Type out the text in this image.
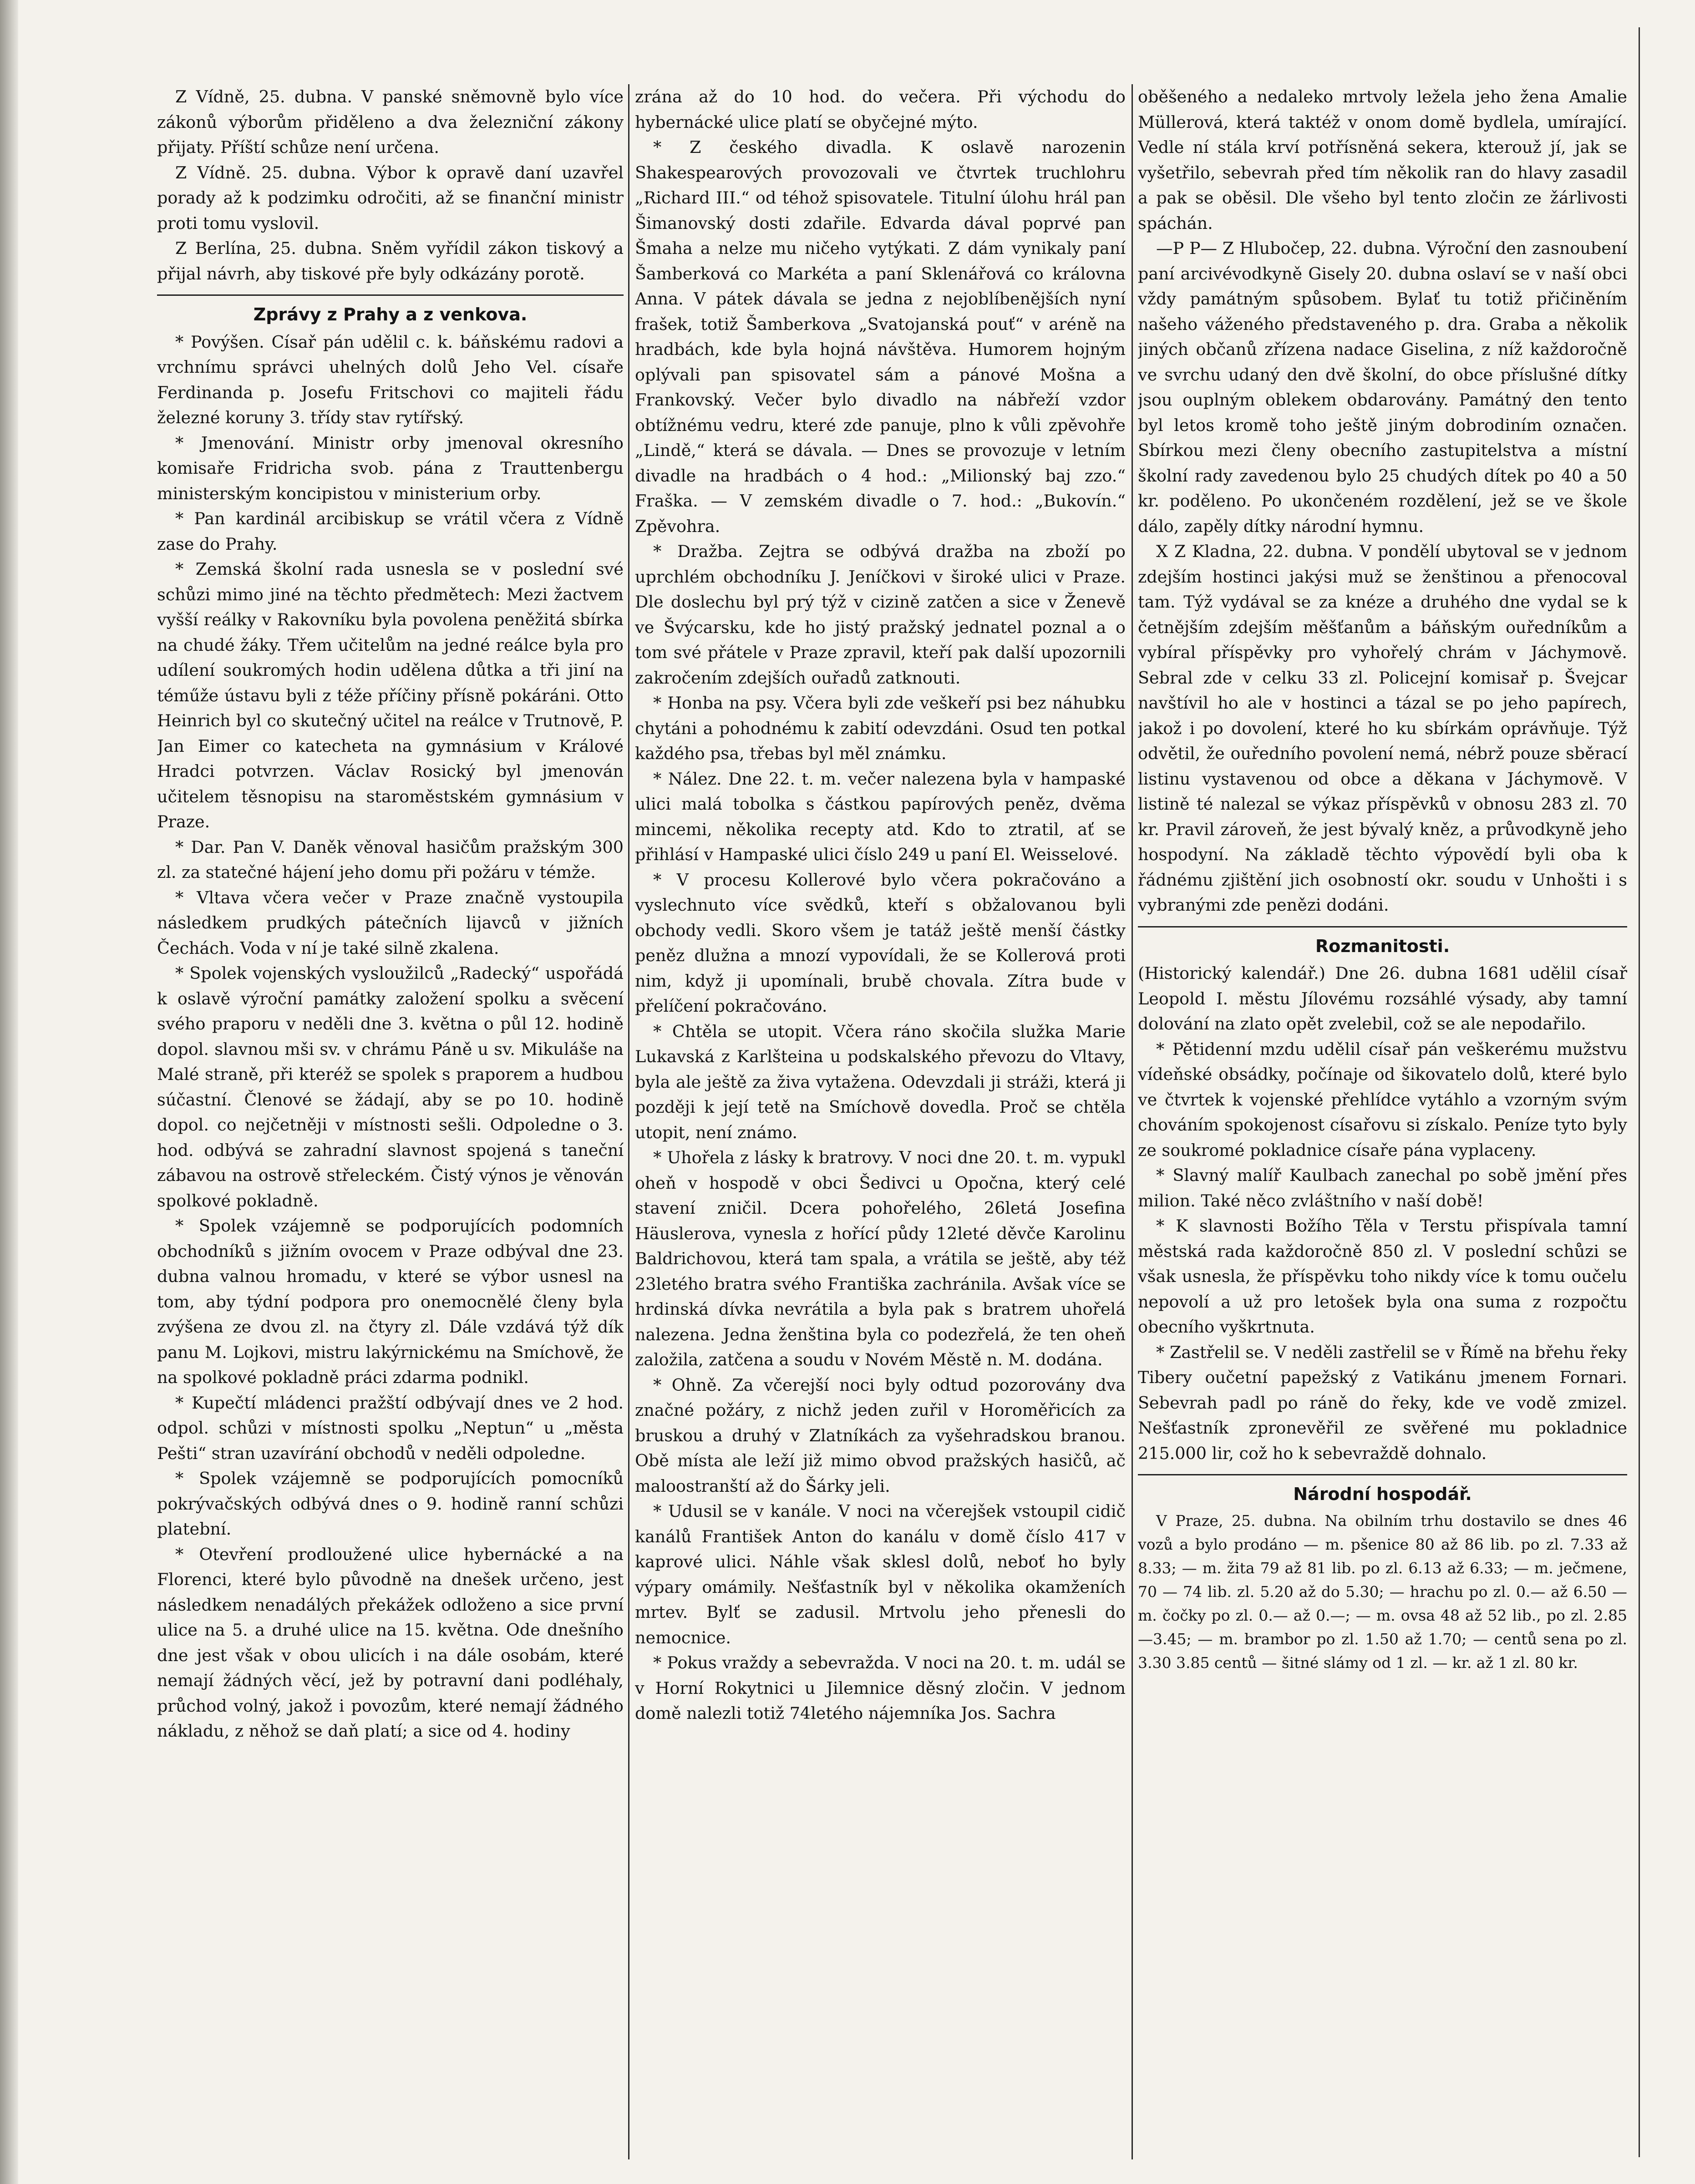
Z Vídně, 25. dubna. V panské sněmovně bylo více zákonů výborům přiděleno a dva železniční zákony přijaty. Příští schůze není určena.

Z Vídně. 25. dubna. Výbor k opravě daní uzavřel porady až k podzimku odročiti, až se finanční ministr proti tomu vyslovil.

Z Berlína, 25. dubna. Sněm vyřídil zákon tiskový a přijal návrh, aby tiskové pře byly odkázány porotě.

Zprávy z Prahy a z venkova.

* Povýšen. Císař pán udělil c. k. báňskému radovi a vrchnímu správci uhelných dolů Jeho Vel. císaře Ferdinanda p. Josefu Fritschovi co majiteli řádu železné koruny 3. třídy stav rytířský.

* Jmenování. Ministr orby jmenoval okresního komisaře Fridricha svob. pána z Trauttenbergu ministerským koncipistou v ministerium orby.

* Pan kardinál arcibiskup se vrátil včera z Vídně zase do Prahy.

* Zemská školní rada usnesla se v poslední své schůzi mimo jiné na těchto předmětech: Mezi žactvem vyšší reálky v Rakovníku byla povolena peněžitá sbírka na chudé žáky. Třem učitelům na jedné reálce byla pro udílení soukromých hodin udělena důtka a tři jiní na téműže ústavu byli z téže příčiny přísně pokáráni. Otto Heinrich byl co skutečný učitel na reálce v Trutnově, P. Jan Eimer co katecheta na gymnásium v Králové Hradci potvrzen. Václav Rosický byl jmenován učitelem těsnopisu na staroměstském gymnásium v Praze.

* Dar. Pan V. Daněk věnoval hasičům pražským 300 zl. za statečné hájení jeho domu při požáru v témže.

* Vltava včera večer v Praze značně vystoupila následkem prudkých pátečních lijavců v jižních Čechách. Voda v ní je také silně zkalena.

* Spolek vojenských vysloužilců „Radecký“ uspořádá k oslavě výroční památky založení spolku a svěcení svého praporu v neděli dne 3. května o půl 12. hodině dopol. slavnou mši sv. v chrámu Páně u sv. Mikuláše na Malé straně, při kteréž se spolek s praporem a hudbou súčastní. Členové se žádají, aby se po 10. hodině dopol. co nejčetněji v místnosti sešli. Odpoledne o 3. hod. odbývá se zahradní slavnost spojená s taneční zábavou na ostrově střeleckém. Čistý výnos je věnován spolkové pokladně.

* Spolek vzájemně se podporujících podomních obchodníků s jižním ovocem v Praze odbýval dne 23. dubna valnou hromadu, v které se výbor usnesl na tom, aby týdní podpora pro onemocnělé členy byla zvýšena ze dvou zl. na čtyry zl. Dále vzdává týž dík panu M. Lojkovi, mistru lakýrnickému na Smíchově, že na spolkové pokladně práci zdarma podnikl.

* Kupečtí mládenci pražští odbývají dnes ve 2 hod. odpol. schůzi v místnosti spolku „Neptun“ u „města Pešti“ stran uzavírání obchodů v neděli odpoledne.

* Spolek vzájemně se podporujících pomocníků pokrývačských odbývá dnes o 9. hodině ranní schůzi platební.

* Otevření prodloužené ulice hybernácké a na Florenci, které bylo původně na dnešek určeno, jest následkem nenadálých překážek odloženo a sice první ulice na 5. a druhé ulice na 15. května. Ode dnešního dne jest však v obou ulicích i na dále osobám, které nemají žádných věcí, jež by potravní dani podléhaly, průchod volný, jakož i povozům, které nemají žádného nákladu, z něhož se daň platí; a sice od 4. hodiny

zrána až do 10 hod. do večera. Při východu do hybernácké ulice platí se obyčejné mýto.

* Z českého divadla. K oslavě narozenin Shakespearových provozovali ve čtvrtek truchlohru „Richard III.“ od téhož spisovatele. Titulní úlohu hrál pan Šimanovský dosti zdařile. Edvarda dával poprvé pan Šmaha a nelze mu ničeho vytýkati. Z dám vynikaly paní Šamberková co Markéta a paní Sklenářová co královna Anna. V pátek dávala se jedna z nejoblíbenějších nyní frašek, totiž Šamberkova „Svatojanská pouť“ v aréně na hradbách, kde byla hojná návštěva. Humorem hojným oplývali pan spisovatel sám a pánové Mošna a Frankovský. Večer bylo divadlo na nábřeží vzdor obtížnému vedru, které zde panuje, plno k vůli zpěvohře „Lindě,“ která se dávala. — Dnes se provozuje v letním divadle na hradbách o 4 hod.: „Milionský baj zzo.“ Fraška. — V zemském divadle o 7. hod.: „Bukovín.“ Zpěvohra.

* Dražba. Zejtra se odbývá dražba na zboží po uprchlém obchodníku J. Jeníčkovi v široké ulici v Praze. Dle doslechu byl prý týž v cizině zatčen a sice v Ženevě ve Švýcarsku, kde ho jistý pražský jednatel poznal a o tom své přátele v Praze zpravil, kteří pak další upozornili zakročením zdejších ouřadů zatknouti.

* Honba na psy. Včera byli zde veškeří psi bez náhubku chytáni a pohodnému k zabití odevzdáni. Osud ten potkal každého psa, třebas byl měl známku.

* Nález. Dne 22. t. m. večer nalezena byla v hampaské ulici malá tobolka s částkou papírových peněz, dvěma mincemi, několika recepty atd. Kdo to ztratil, ať se přihlásí v Hampaské ulici číslo 249 u paní El. Weisselové.

* V procesu Kollerové bylo včera pokračováno a vyslechnuto více svědků, kteří s obžalovanou byli obchody vedli. Skoro všem je tatáž ještě menší částky peněz dlužna a mnozí vypovídali, že se Kollerová proti nim, když ji upomínali, brubě chovala. Zítra bude v přelíčení pokračováno.

* Chtěla se utopit. Včera ráno skočila služka Marie Lukavská z Karlšteina u podskalského převozu do Vltavy, byla ale ještě za živa vytažena. Odevzdali ji stráži, která ji později k její tetě na Smíchově dovedla. Proč se chtěla utopit, není známo.

* Uhořela z lásky k bratrovy. V noci dne 20. t. m. vypukl oheň v hospodě v obci Šedivci u Opočna, který celé stavení zničil. Dcera pohořelého, 26letá Josefina Häuslerova, vynesla z hořící půdy 12leté děvče Karolinu Baldrichovou, která tam spala, a vrátila se ještě, aby též 23letého bratra svého Františka zachránila. Avšak více se hrdinská dívka nevrátila a byla pak s bratrem uhořelá nalezena. Jedna ženština byla co podezřelá, že ten oheň založila, zatčena a soudu v Novém Městě n. M. dodána.

* Ohně. Za včerejší noci byly odtud pozorovány dva značné požáry, z nichž jeden zuřil v Horoměřicích za bruskou a druhý v Zlatníkách za vyšehradskou branou. Obě místa ale leží již mimo obvod pražských hasičů, ač maloostranští až do Šárky jeli.

* Udusil se v kanále. V noci na včerejšek vstoupil cidič kanálů František Anton do kanálu v domě číslo 417 v kaprové ulici. Náhle však sklesl dolů, neboť ho byly výpary omámily. Nešťastník byl v několika okamženích mrtev. Bylť se zadusil. Mrtvolu jeho přenesli do nemocnice.

* Pokus vraždy a sebevražda. V noci na 20. t. m. udál se v Horní Rokytnici u Jilemnice děsný zločin. V jednom domě nalezli totiž 74letého nájemníka Jos. Sachra

oběšeného a nedaleko mrtvoly ležela jeho žena Amalie Müllerová, která taktéž v onom domě bydlela, umírající. Vedle ní stála krví potřísněná sekera, kterouž jí, jak se vyšetřilo, sebevrah před tím několik ran do hlavy zasadil a pak se oběsil. Dle všeho byl tento zločin ze žárlivosti spáchán.

—P P— Z Hlubočep, 22. dubna. Výroční den zasnoubení paní arcivévodkyně Gisely 20. dubna oslaví se v naší obci vždy památným spůsobem. Bylať tu totiž přičiněním našeho váženého představeného p. dra. Graba a několik jiných občanů zřízena nadace Giselina, z níž každoročně ve svrchu udaný den dvě školní, do obce příslušné dítky jsou ouplným oblekem obdarovány. Památný den tento byl letos kromě toho ještě jiným dobrodiním označen. Sbírkou mezi členy obecního zastupitelstva a místní školní rady zavedenou bylo 25 chudých dítek po 40 a 50 kr. poděleno. Po ukončeném rozdělení, jež se ve škole dálo, zapěly dítky národní hymnu.

X Z Kladna, 22. dubna. V pondělí ubytoval se v jednom zdejším hostinci jakýsi muž se ženštinou a přenocoval tam. Týž vydával se za knéze a druhého dne vydal se k četnějším zdejším měšťanům a báňským ouředníkům a vybíral příspěvky pro vyhořelý chrám v Jáchymově. Sebral zde v celku 33 zl. Policejní komisař p. Švejcar navštívil ho ale v hostinci a tázal se po jeho papírech, jakož i po dovolení, které ho ku sbírkám oprávňuje. Týž odvětil, že ouředního povolení nemá, nébrž pouze sběrací listinu vystavenou od obce a děkana v Jáchymově. V listině té nalezal se výkaz příspěvků v obnosu 283 zl. 70 kr. Pravil zároveň, že jest bývalý kněz, a průvodkyně jeho hospodyní. Na základě těchto výpovědí byli oba k řádnému zjištění jich osobností okr. soudu v Unhošti i s vybranými zde penězi dodáni.

Rozmanitosti.

(Historický kalendář.) Dne 26. dubna 1681 udělil císař Leopold I. městu Jílovému rozsáhlé výsady, aby tamní dolování na zlato opět zvelebil, což se ale nepodařilo.

* Pětidenní mzdu udělil císař pán veškerému mužstvu vídeňské obsádky, počínaje od šikovatelo dolů, které bylo ve čtvrtek k vojenské přehlídce vytáhlo a vzorným svým chováním spokojenost císařovu si získalo. Peníze tyto byly ze soukromé pokladnice císaře pána vyplaceny.

* Slavný malíř Kaulbach zanechal po sobě jmění přes milion. Také něco zvláštního v naší době!

* K slavnosti Božího Těla v Terstu přispívala tamní městská rada každoročně 850 zl. V poslední schůzi se však usnesla, že příspěvku toho nikdy více k tomu oučelu nepovolí a už pro letošek byla ona suma z rozpočtu obecního vyškrtnuta.

* Zastřelil se. V neděli zastřelil se v Římě na břehu řeky Tibery oučetní papežský z Vatikánu jmenem Fornari. Sebevrah padl po ráně do řeky, kde ve vodě zmizel. Nešťastník zpronevěřil ze svěřené mu pokladnice 215.000 lir, což ho k sebevraždě dohnalo.

Národní hospodář.

V Praze, 25. dubna. Na obilním trhu dostavilo se dnes 46 vozů a bylo prodáno — m. pšenice 80 až 86 lib. po zl. 7.33 až 8.33; — m. žita 79 až 81 lib. po zl. 6.13 až 6.33; — m. ječmene, 70 — 74 lib. zl. 5.20 až do 5.30; — hrachu po zl. 0.— až 6.50 — m. čočky po zl. 0.— až 0.—; — m. ovsa 48 až 52 lib., po zl. 2.85—3.45; — m. brambor po zl. 1.50 až 1.70; — centů sena po zl. 3.30 3.85 centů — šitné slámy od 1 zl. — kr. až 1 zl. 80 kr.
